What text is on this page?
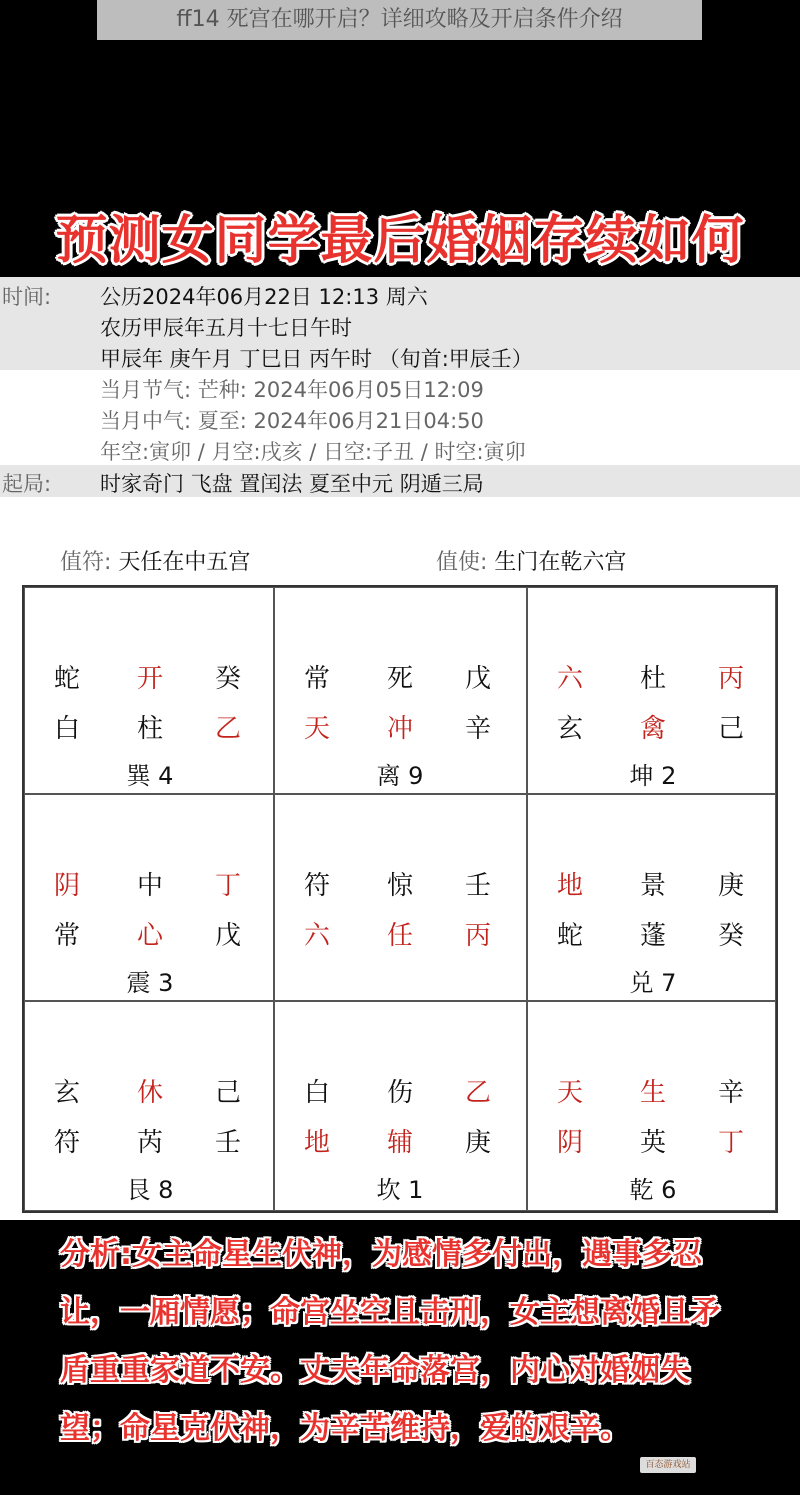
ff14 死宫在哪开启？详细攻略及开启条件介绍
预测女同学最后婚姻存续如何
时间: 公历2024年06月22日 12:13 周六
农历甲辰年五月十七日午时
甲辰年 庚午月 丁巳日 丙午时 （旬首:甲辰壬）
当月节气: 芒种: 2024年06月05日12:09
当月中气: 夏至: 2024年06月21日04:50
年空:寅卯 / 月空:戌亥 / 日空:子丑 / 时空:寅卯
起局: 时家奇门 飞盘 置闰法 夏至中元 阴遁三局
值符: 天任在中五宫	值使: 生门在乾六宫
蛇 开 癸
白 柱 乙
巽 4
常 死 戊
天 冲 辛
离 9
六 杜 丙
玄 禽 己
坤 2
阴 中 丁
常 心 戊
震 3
符 惊 壬
六 任 丙
地 景 庚
蛇 蓬 癸
兑 7
玄 休 己
符 芮 壬
艮 8
白 伤 乙
地 辅 庚
坎 1
天 生 辛
阴 英 丁
乾 6
分析:女主命星生伏神，为感情多付出，遇事多忍
让，一厢情愿；命宫坐空且击刑，女主想离婚且矛
盾重重家道不安。丈夫年命落宫，内心对婚姻失
望；命星克伏神，为辛苦维持，爱的艰辛。
百态游戏站
